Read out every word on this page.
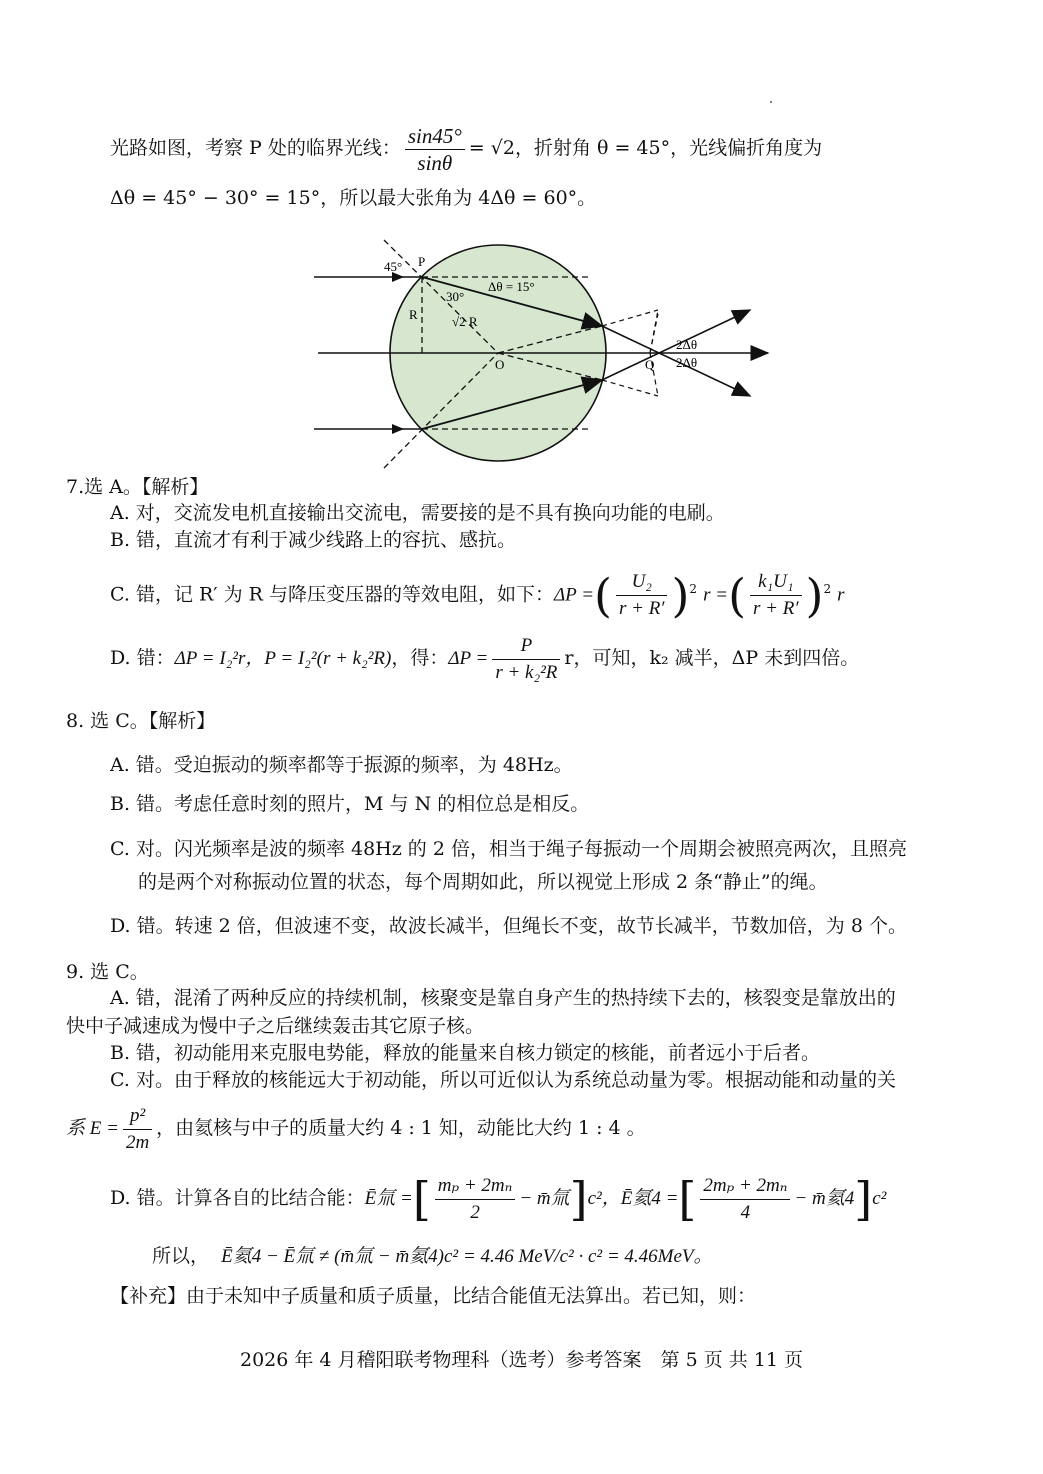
光路如图，考察 P 处的临界光线： $\frac{\sin 45^\circ}{\sin\theta} = √2$，折射角 θ = 45°，光线偏折角度为
Δθ = 45° − 30° = 15°，所以最大张角为 4Δθ = 60°。
45° P
Δθ = 15°
30°
R	√2 R
O	Q
2Δθ
2Δθ
7.选 A。【解析】
A. 对，交流发电机直接输出交流电，需要接的是不具有换向功能的电刷。
B. 错，直流才有利于减少线路上的容抗、感抗。
C. 错，记 R′ 为 R 与降压变压器的等效电阻，如下：ΔP =( $\frac{\text{U₂}}{r + R'} )^2$ r =( $\frac{\text{k₁U₁}}{r + R'} )^2$ r
D. 错：ΔP = I₂²r，P = I₂²(r + k₂²R)，得：$\Delta P = \frac{P}{\text{r + k₂²R}}$ r，可知，k₂ 减半，ΔP 未到四倍。
8. 选 C。【解析】
A. 错。受迫振动的频率都等于振源的频率，为 48Hz。
B. 错。考虑任意时刻的照片，M 与 N 的相位总是相反。
C. 对。闪光频率是波的频率 48Hz 的 2 倍，相当于绳子每振动一个周期会被照亮两次，且照亮
的是两个对称振动位置的状态，每个周期如此，所以视觉上形成 2 条“静止”的绳。
D. 错。转速 2 倍，但波速不变，故波长减半，但绳长不变，故节长减半，节数加倍，为 8 个。
9. 选 C。
A. 错，混淆了两种反应的持续机制，核聚变是靠自身产生的热持续下去的，核裂变是靠放出的
快中子减速成为慢中子之后继续轰击其它原子核。
B. 错，初动能用来克服电势能，释放的能量来自核力锁定的核能，前者远小于后者。
C. 对。由于释放的核能远大于初动能，所以可近似认为系统总动量为零。根据动能和动量的关
系 $E = \frac{\text{p²}}{2m}$ ，由氦核与中子的质量大约 4 : 1 知，动能比大约 1 : 4 。
D. 错。计算各自的比结合能：Ē氚 =[ $\frac{\text{mₚ + 2mₙ}}{2}$ − m̄氚]c²，Ē氦4 =[ $\frac{\text{2mₚ + 2mₙ}}{4}$ − m̄氦4]c²
所以， Ē氦4 − Ē氚 ≠ (m̄氚 − m̄氦4)c² = 4.46 MeV/c² · c² = 4.46MeV。
【补充】由于未知中子质量和质子质量，比结合能值无法算出。若已知，则：
2026 年 4 月稽阳联考物理科（选考）参考答案　第 5 页 共 11 页
